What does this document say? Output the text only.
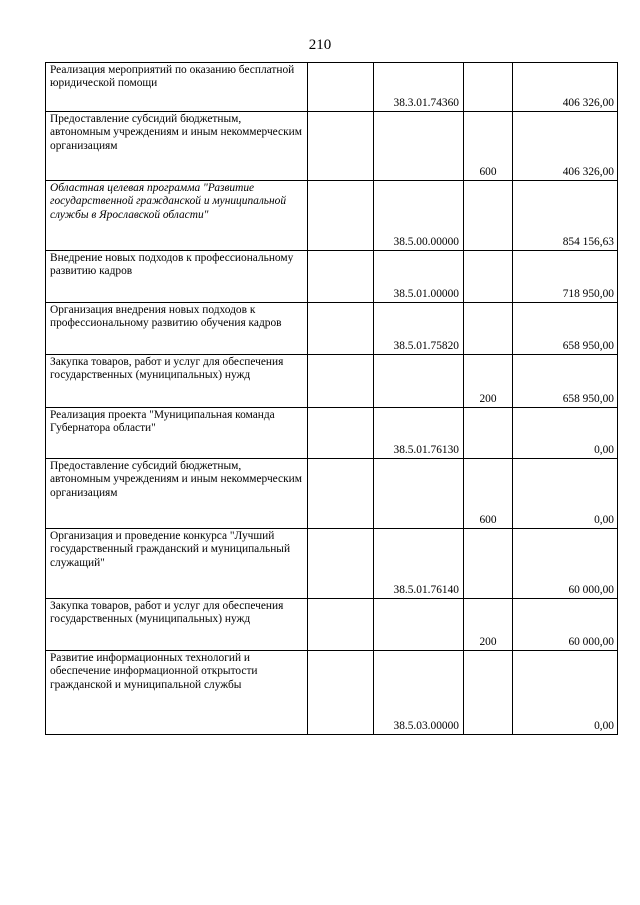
210
Реализация мероприятий по оказанию бесплатной юридической помощи		38.3.01.74360		406 326,00
Предоставление субсидий бюджетным, автономным учреждениям и иным некоммерческим организациям			600	406 326,00
Областная целевая программа "Развитие государственной гражданской и муниципальной службы в Ярославской области"		38.5.00.00000		854 156,63
Внедрение новых подходов к профессиональному развитию кадров		38.5.01.00000		718 950,00
Организация внедрения новых подходов к профессиональному развитию обучения кадров		38.5.01.75820		658 950,00
Закупка товаров, работ и услуг для обеспечения государственных (муниципальных) нужд			200	658 950,00
Реализация проекта "Муниципальная команда Губернатора области"		38.5.01.76130		0,00
Предоставление субсидий бюджетным, автономным учреждениям и иным некоммерческим организациям			600	0,00
Организация и проведение конкурса "Лучший государственный гражданский и муниципальный служащий"		38.5.01.76140		60 000,00
Закупка товаров, работ и услуг для обеспечения государственных (муниципальных) нужд			200	60 000,00
Развитие информационных технологий и обеспечение информационной открытости гражданской и муниципальной службы		38.5.03.00000		0,00
